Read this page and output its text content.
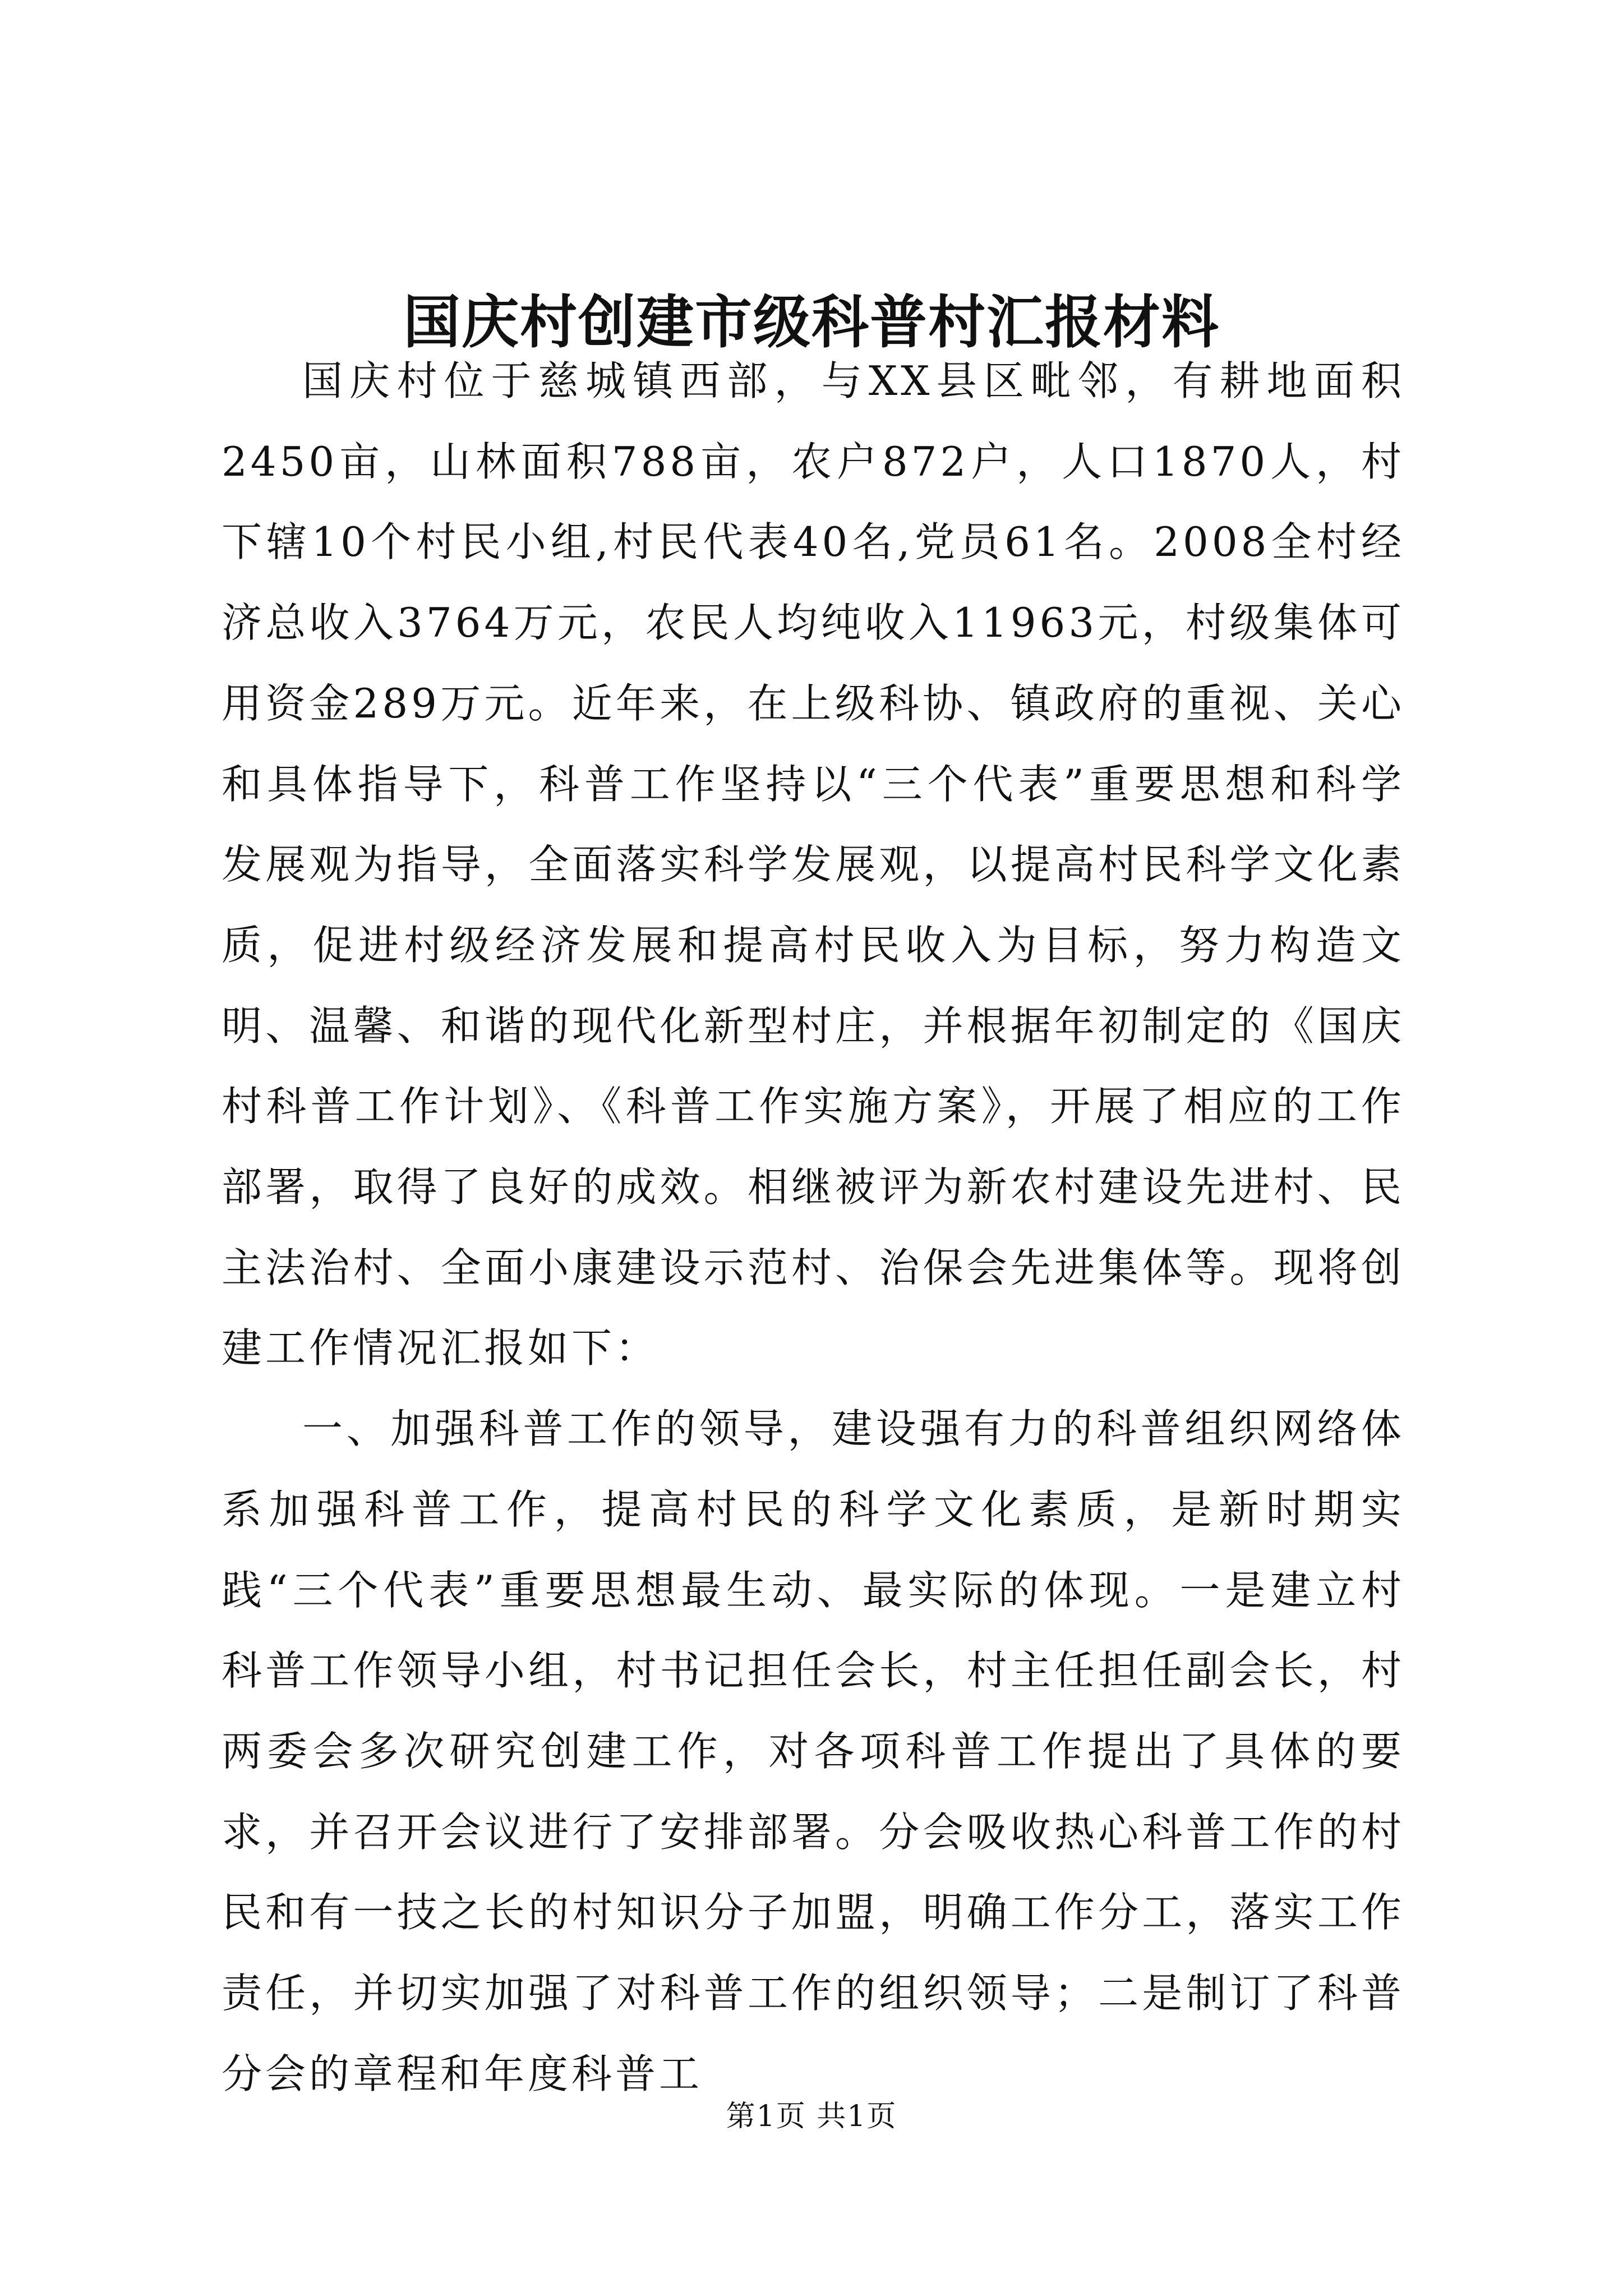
国庆村创建市级科普村汇报材料

国庆村位于慈城镇西部，与XX县区毗邻，有耕地面积2450亩，山林面积788亩，农户872户，人口1870人，村下辖10个村民小组,村民代表40名,党员61名。2008全村经济总收入3764万元，农民人均纯收入11963元，村级集体可用资金289万元。近年来，在上级科协、镇政府的重视、关心和具体指导下，科普工作坚持以“三个代表”重要思想和科学发展观为指导，全面落实科学发展观，以提高村民科学文化素质，促进村级经济发展和提高村民收入为目标，努力构造文明、温馨、和谐的现代化新型村庄，并根据年初制定的《国庆村科普工作计划》、《科普工作实施方案》，开展了相应的工作部署，取得了良好的成效。相继被评为新农村建设先进村、民主法治村、全面小康建设示范村、治保会先进集体等。现将创建工作情况汇报如下：

一、加强科普工作的领导，建设强有力的科普组织网络体系加强科普工作，提高村民的科学文化素质，是新时期实践“三个代表”重要思想最生动、最实际的体现。一是建立村科普工作领导小组，村书记担任会长，村主任担任副会长，村两委会多次研究创建工作，对各项科普工作提出了具体的要求，并召开会议进行了安排部署。分会吸收热心科普工作的村民和有一技之长的村知识分子加盟，明确工作分工，落实工作责任，并切实加强了对科普工作的组织领导；二是制订了科普分会的章程和年度科普工

第1页 共1页
